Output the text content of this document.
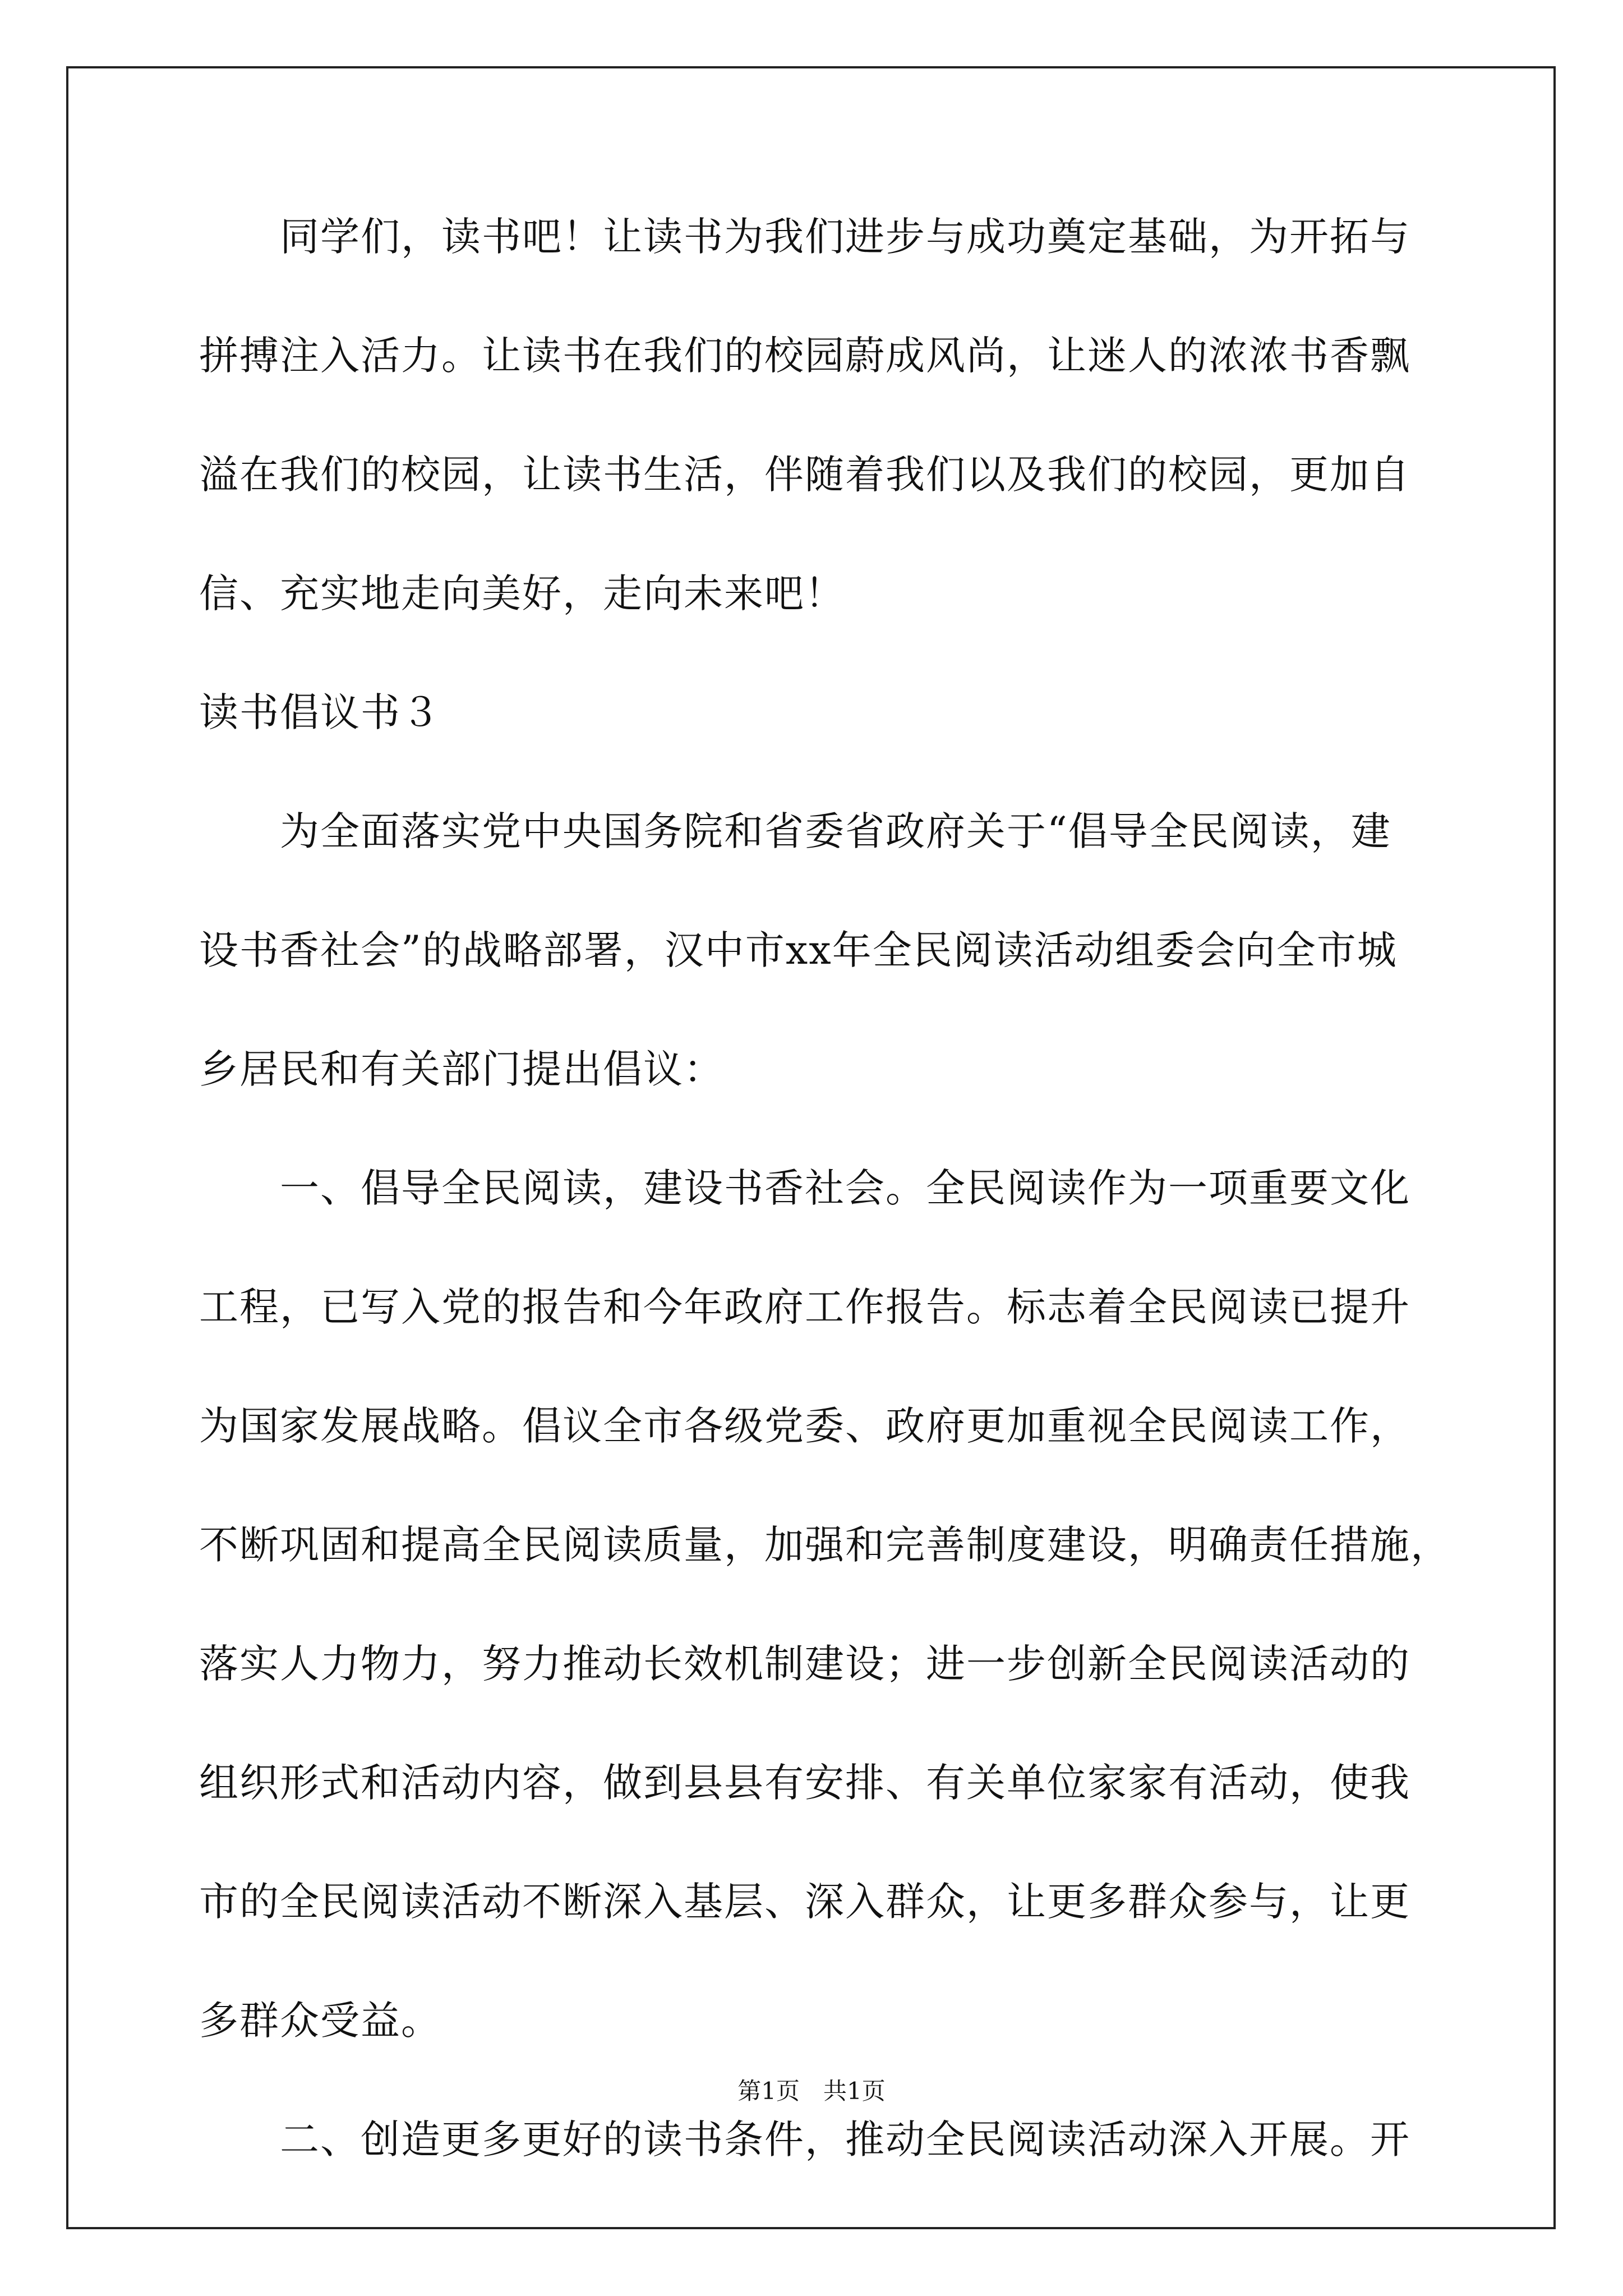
　　同学们，读书吧！让读书为我们进步与成功奠定基础，为开拓与
拼搏注入活力。让读书在我们的校园蔚成风尚，让迷人的浓浓书香飘
溢在我们的校园，让读书生活，伴随着我们以及我们的校园，更加自
信、充实地走向美好，走向未来吧！
读书倡议书３
　　为全面落实党中央国务院和省委省政府关于“倡导全民阅读，建
设书香社会”的战略部署，汉中市xx年全民阅读活动组委会向全市城
乡居民和有关部门提出倡议：
　　一、倡导全民阅读，建设书香社会。全民阅读作为一项重要文化
工程，已写入党的报告和今年政府工作报告。标志着全民阅读已提升
为国家发展战略。倡议全市各级党委、政府更加重视全民阅读工作，
不断巩固和提高全民阅读质量，加强和完善制度建设，明确责任措施，
落实人力物力，努力推动长效机制建设；进一步创新全民阅读活动的
组织形式和活动内容，做到县县有安排、有关单位家家有活动，使我
市的全民阅读活动不断深入基层、深入群众，让更多群众参与，让更
多群众受益。
　　二、创造更多更好的读书条件，推动全民阅读活动深入开展。开
第1页　共1页
